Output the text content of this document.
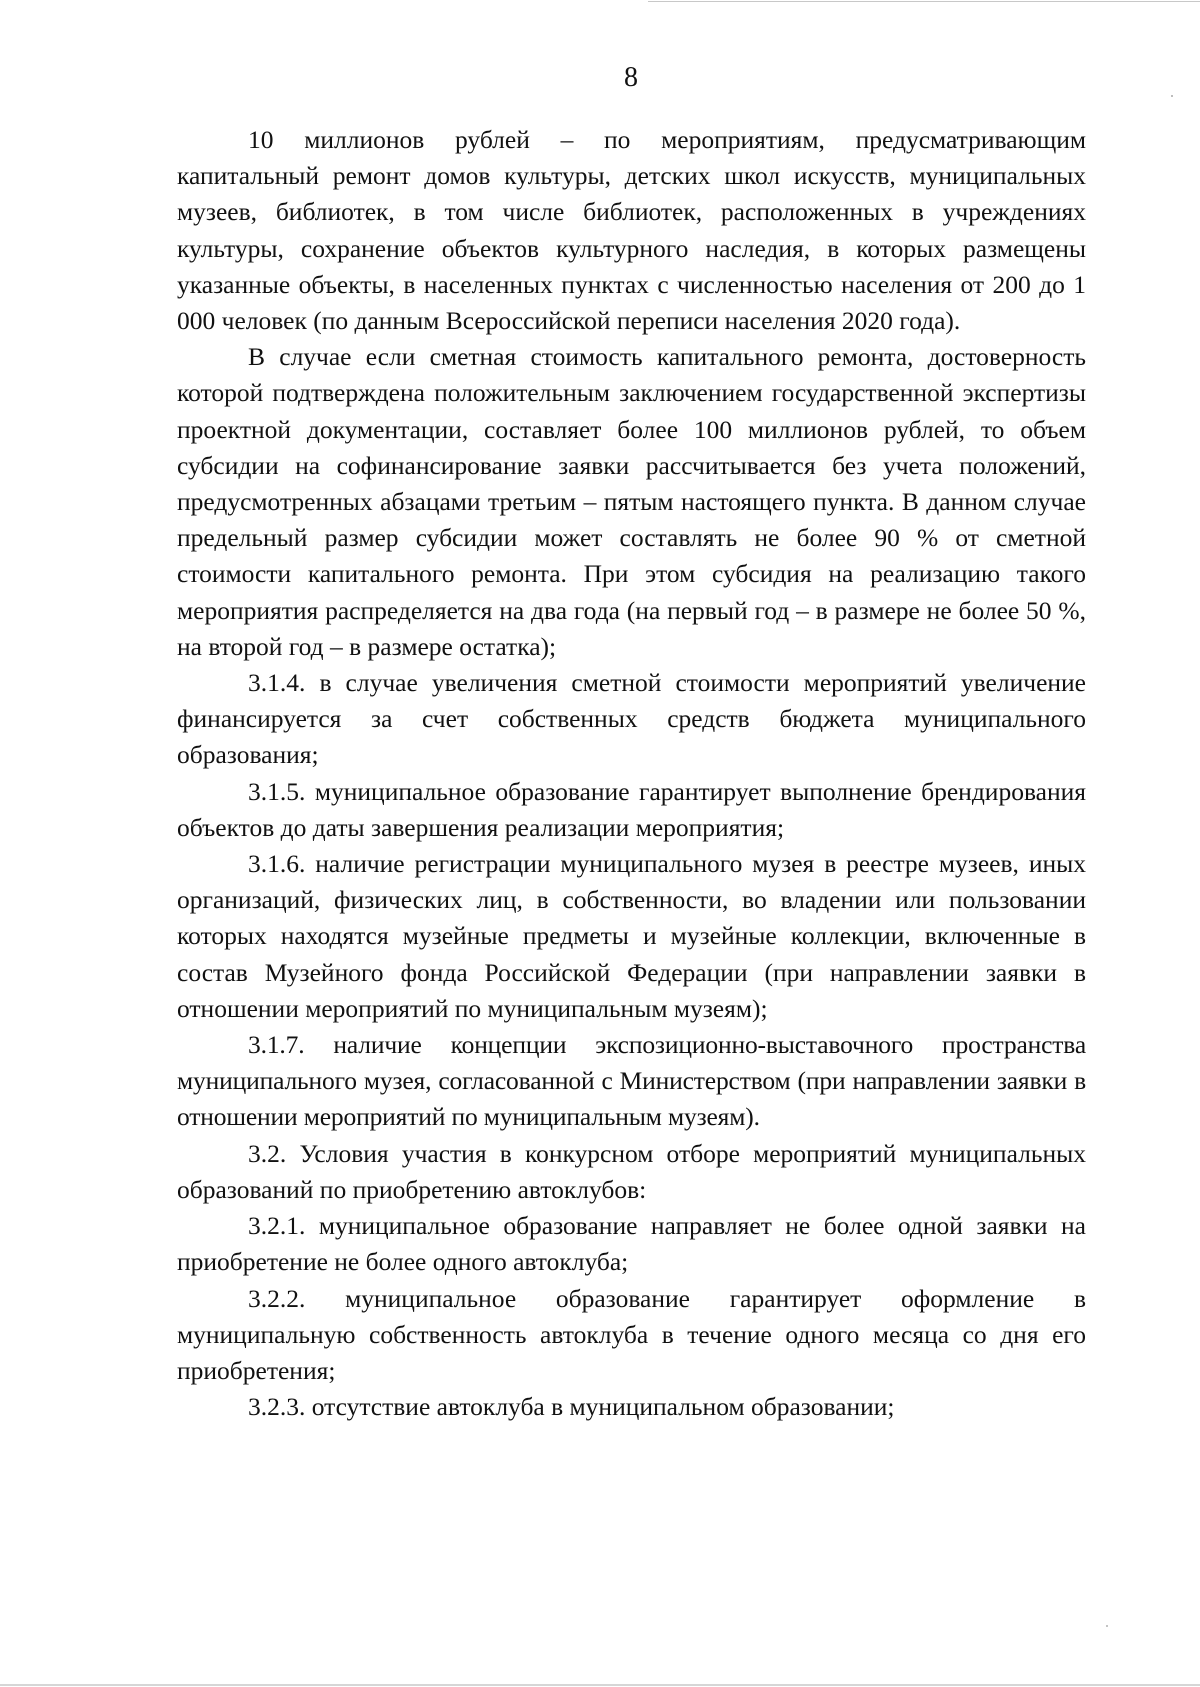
8

10 миллионов рублей – по мероприятиям, предусматривающим капитальный ремонт домов культуры, детских школ искусств, муниципальных музеев, библиотек, в том числе библиотек, расположенных в учреждениях культуры, сохранение объектов культурного наследия, в которых размещены указанные объекты, в населенных пунктах с численностью населения от 200 до 1 000 человек (по данным Всероссийской переписи населения 2020 года).

В случае если сметная стоимость капитального ремонта, достоверность которой подтверждена положительным заключением государственной экспертизы проектной документации, составляет более 100 миллионов рублей, то объем субсидии на софинансирование заявки рассчитывается без учета положений, предусмотренных абзацами третьим – пятым настоящего пункта. В данном случае предельный размер субсидии может составлять не более 90 % от сметной стоимости капитального ремонта. При этом субсидия на реализацию такого мероприятия распределяется на два года (на первый год – в размере не более 50 %, на второй год – в размере остатка);

3.1.4. в случае увеличения сметной стоимости мероприятий увеличение финансируется за счет собственных средств бюджета муниципального образования;

3.1.5. муниципальное образование гарантирует выполнение брендирования объектов до даты завершения реализации мероприятия;

3.1.6. наличие регистрации муниципального музея в реестре музеев, иных организаций, физических лиц, в собственности, во владении или пользовании которых находятся музейные предметы и музейные коллекции, включенные в состав Музейного фонда Российской Федерации (при направлении заявки в отношении мероприятий по муниципальным музеям);

3.1.7. наличие концепции экспозиционно-выставочного пространства муниципального музея, согласованной с Министерством (при направлении заявки в отношении мероприятий по муниципальным музеям).

3.2. Условия участия в конкурсном отборе мероприятий муниципальных образований по приобретению автоклубов:

3.2.1. муниципальное образование направляет не более одной заявки на приобретение не более одного автоклуба;

3.2.2. муниципальное образование гарантирует оформление в муниципальную собственность автоклуба в течение одного месяца со дня его приобретения;

3.2.3. отсутствие автоклуба в муниципальном образовании;
